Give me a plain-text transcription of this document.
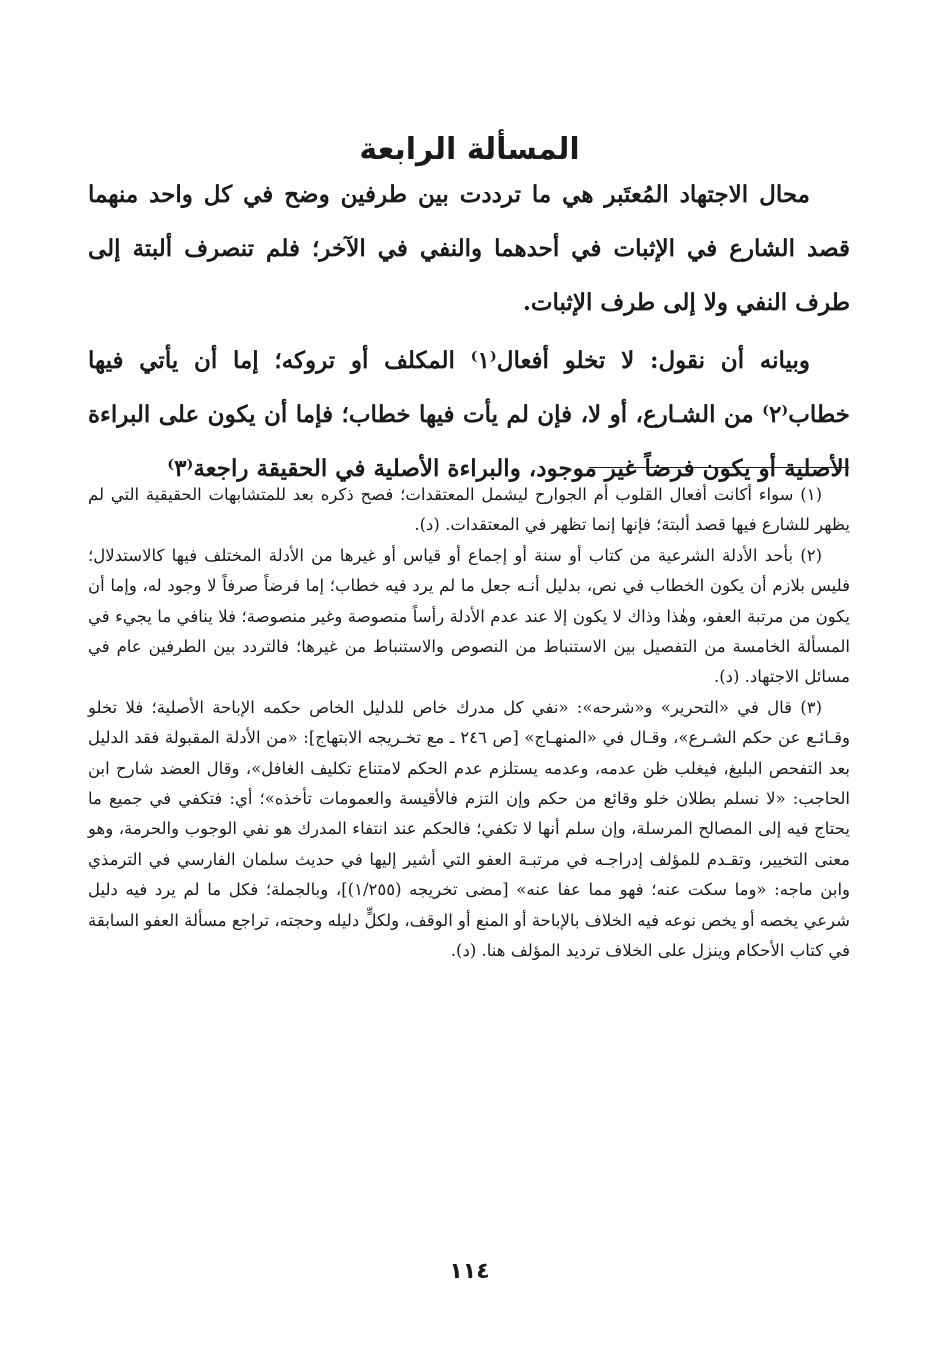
المسألة الرابعة

محال الاجتهاد المُعتَبر هي ما ترددت بين طرفين وضح في كل واحد منهما قصد الشارع في الإثبات في أحدهما والنفي في الآخر؛ فلم تنصرف ألبتة إلى طرف النفي ولا إلى طرف الإثبات.

وبيانه أن نقول: لا تخلو أفعال⁽١⁾ المكلف أو تروكه؛ إما أن يأتي فيها خطاب⁽٢⁾ من الشـارع، أو لا، فإن لم يأت فيها خطاب؛ فإما أن يكون على البراءة الأصلية أو يكون فرضاً غير موجود، والبراءة الأصلية في الحقيقة راجعة⁽٣⁾

(١) سواء أكانت أفعال القلوب أم الجوارح ليشمل المعتقدات؛ فصح ذكره بعد للمتشابهات الحقيقية التي لم يظهر للشارع فيها قصد ألبتة؛ فإنها إنما تظهر في المعتقدات. (د).

(٢) بأحد الأدلة الشرعية من كتاب أو سنة أو إجماع أو قياس أو غيرها من الأدلة المختلف فيها كالاستدلال؛ فليس بلازم أن يكون الخطاب في نص، بدليل أنـه جعل ما لم يرد فيه خطاب؛ إما فرضاً صرفاً لا وجود له، وإما أن يكون من مرتبة العفو، وهٰذا وذاك لا يكون إلا عند عدم الأدلة رأساً منصوصة وغير منصوصة؛ فلا ينافي ما يجيء في المسألة الخامسة من التفصيل بين الاستنباط من النصوص والاستنباط من غيرها؛ فالتردد بين الطرفين عام في مسائل الاجتهاد. (د).

(٣) قال في «التحرير» و«شرحه»: «نفي كل مدرك خاص للدليل الخاص حكمه الإباحة الأصلية؛ فلا تخلو وقـائـع عن حكم الشـرع»، وقـال في «المنهـاج» [ص ٢٤٦ ـ مع تخـريجه الابتهاج]: «من الأدلة المقبولة فقد الدليل بعد التفحص البليغ، فيغلب ظن عدمه، وعدمه يستلزم عدم الحكم لامتناع تكليف الغافل»، وقال العضد شارح ابن الحاجب: «لا نسلم بطلان خلو وقائع من حكم وإن التزم فالأقيسة والعمومات تأخذه»؛ أي: فتكفي في جميع ما يحتاج فيه إلى المصالح المرسلة، وإن سلم أنها لا تكفي؛ فالحكم عند انتفاء المدرك هو نفي الوجوب والحرمة، وهو معنى التخيير، وتقـدم للمؤلف إدراجـه في مرتبـة العفو التي أشير إليها في حديث سلمان الفارسي في الترمذي وابن ماجه: «وما سكت عنه؛ فهو مما عفا عنه» [مضى تخريجه (١/٢٥٥)]، وبالجملة؛ فكل ما لم يرد فيه دليل شرعي يخصه أو يخص نوعه فيه الخلاف بالإباحة أو المنع أو الوقف، ولكلٍّ دليله وحجته، تراجع مسألة العفو السابقة في كتاب الأحكام وينزل على الخلاف ترديد المؤلف هنا. (د).

١١٤
